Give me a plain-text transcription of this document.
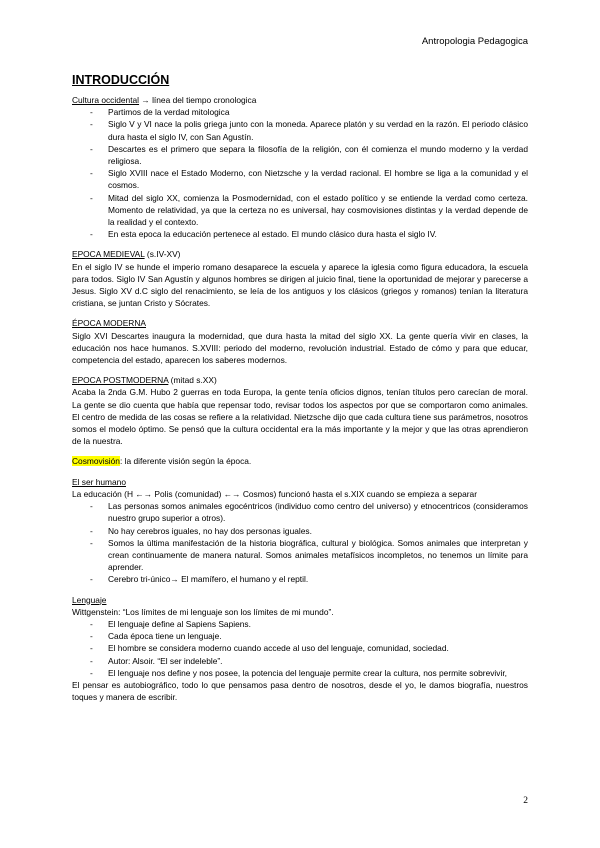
Antropologia Pedagogica
INTRODUCCIÓN

Cultura occidental → línea del tiempo cronologica

- Partimos de la verdad mitologica
- Siglo V y VI nace la polis griega junto con la moneda. Aparece platón y su verdad en la razón. El periodo clásico dura hasta el siglo IV, con San Agustín.
- Descartes es el primero que separa la filosofía de la religión, con él comienza el mundo moderno y la verdad religiosa.
- Siglo XVIII nace el Estado Moderno, con Nietzsche y la verdad racional. El hombre se liga a la comunidad y el cosmos.
- Mitad del siglo XX, comienza la Posmodernidad, con el estado político y se entiende la verdad como certeza. Momento de relatividad, ya que la certeza no es universal, hay cosmovisiones distintas y la verdad depende de la realidad y el contexto.
- En esta epoca la educación pertenece al estado. El mundo clásico dura hasta el siglo IV.

EPOCA MEDIEVAL (s.IV-XV)

En el siglo IV se hunde el imperio romano desaparece la escuela y aparece la iglesia como figura educadora, la escuela para todos. Siglo IV San Agustín y algunos hombres se dirigen al juicio final, tiene la oportunidad de mejorar y parecerse a Jesus. Siglo XV d.C siglo del renacimiento, se leía de los antiguos y los clásicos (griegos y romanos) tenían la literatura cristiana, se juntan Cristo y Sócrates.

ÉPOCA MODERNA

Siglo XVI Descartes inaugura la modernidad, que dura hasta la mitad del siglo XX. La gente quería vivir en clases, la educación nos hace humanos. S.XVIII: periodo del moderno, revolución industrial. Estado de cómo y para que educar, competencia del estado, aparecen los saberes modernos.

EPOCA POSTMODERNA (mitad s.XX)

Acaba la 2nda G.M. Hubo 2 guerras en toda Europa, la gente tenía oficios dignos, tenían títulos pero carecían de moral. La gente se dio cuenta que había que repensar todo, revisar todos los aspectos por que se comportaron como animales. El centro de medida de las cosas se refiere a la relatividad. Nietzsche dijo que cada cultura tiene sus parámetros, nosotros somos el modelo óptimo. Se pensó que la cultura occidental era la más importante y la mejor y que las otras aprendieron de la nuestra.

Cosmovisión: la diferente visión según la época.

El ser humano

La educación (H ←→ Polis (comunidad) ←→ Cosmos) funcionó hasta el s.XIX cuando se empieza a separar

- Las personas somos animales egocéntricos (individuo como centro del universo) y etnocentricos (consideramos nuestro grupo superior a otros).
- No hay cerebros iguales, no hay dos personas iguales.
- Somos la última manifestación de la historia biográfica, cultural y biológica. Somos animales que interpretan y crean continuamente de manera natural. Somos animales metafísicos incompletos, no tenemos un límite para aprender.
- Cerebro tri-único→ El mamífero, el humano y el reptil.

Lenguaje

Wittgenstein: “Los límites de mi lenguaje son los límites de mi mundo”.

- El lenguaje define al Sapiens Sapiens.
- Cada época tiene un lenguaje.
- El hombre se considera moderno cuando accede al uso del lenguaje, comunidad, sociedad.
- Autor: Alsoir. “El ser indeleble”.
- El lenguaje nos define y nos posee, la potencia del lenguaje permite crear la cultura, nos permite sobrevivir,

El pensar es autobiográfico, todo lo que pensamos pasa dentro de nosotros, desde el yo, le damos biografía, nuestros toques y manera de escribir.

2
